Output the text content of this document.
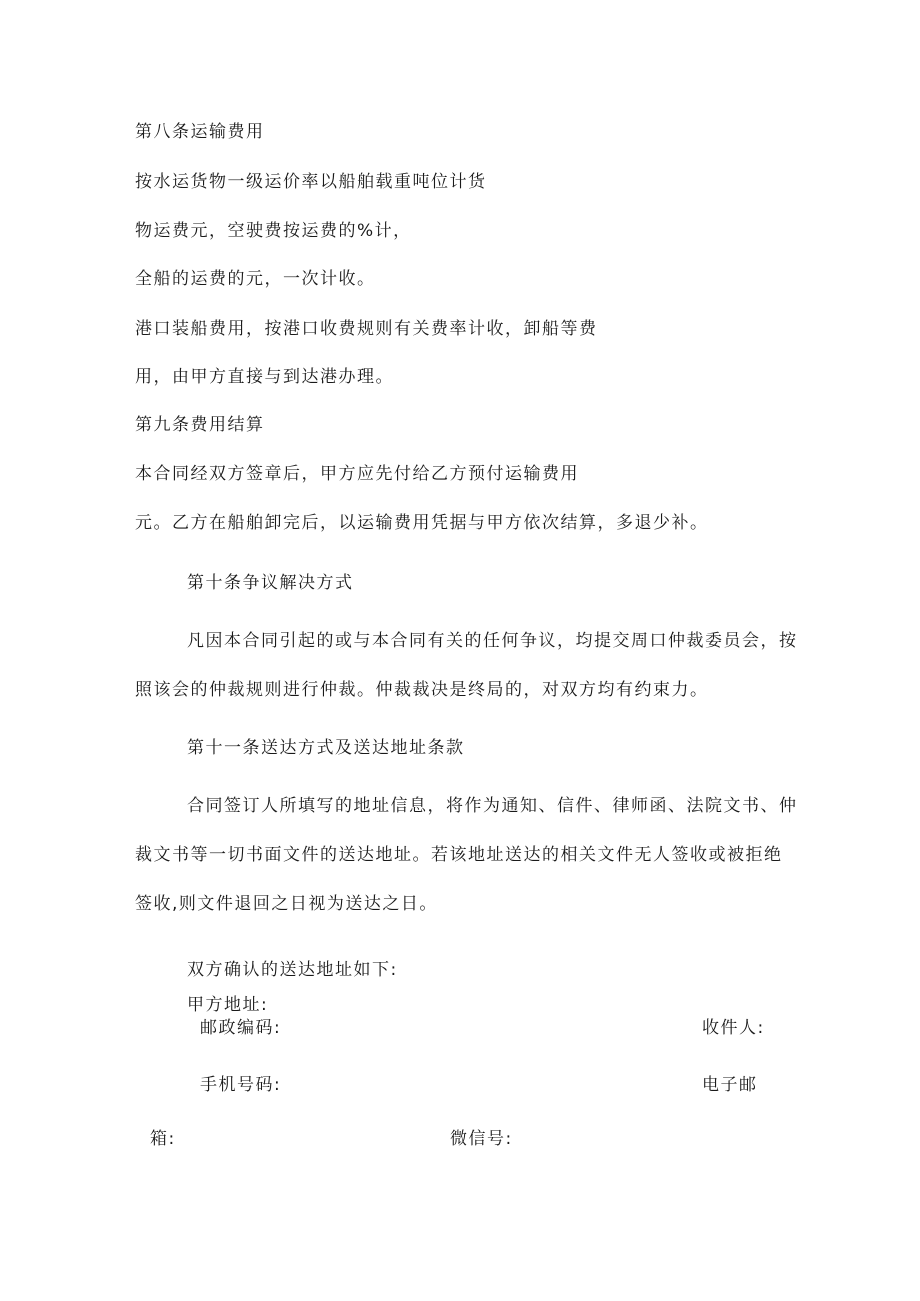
第八条运输费用
按水运货物一级运价率以船舶载重吨位计货
物运费元，空驶费按运费的%计，
全船的运费的元，一次计收。
港口装船费用，按港口收费规则有关费率计收，卸船等费
用，由甲方直接与到达港办理。
第九条费用结算
本合同经双方签章后，甲方应先付给乙方预付运输费用
元。乙方在船舶卸完后，以运输费用凭据与甲方依次结算，多退少补。
第十条争议解决方式
凡因本合同引起的或与本合同有关的任何争议，均提交周口仲裁委员会，按
照该会的仲裁规则进行仲裁。仲裁裁决是终局的，对双方均有约束力。
第十一条送达方式及送达地址条款
合同签订人所填写的地址信息，将作为通知、信件、律师函、法院文书、仲
裁文书等一切书面文件的送达地址。若该地址送达的相关文件无人签收或被拒绝
签收,则文件退回之日视为送达之日。
双方确认的送达地址如下:
甲方地址:
邮政编码:	收件人:
手机号码:	电子邮
箱:	微信号:
